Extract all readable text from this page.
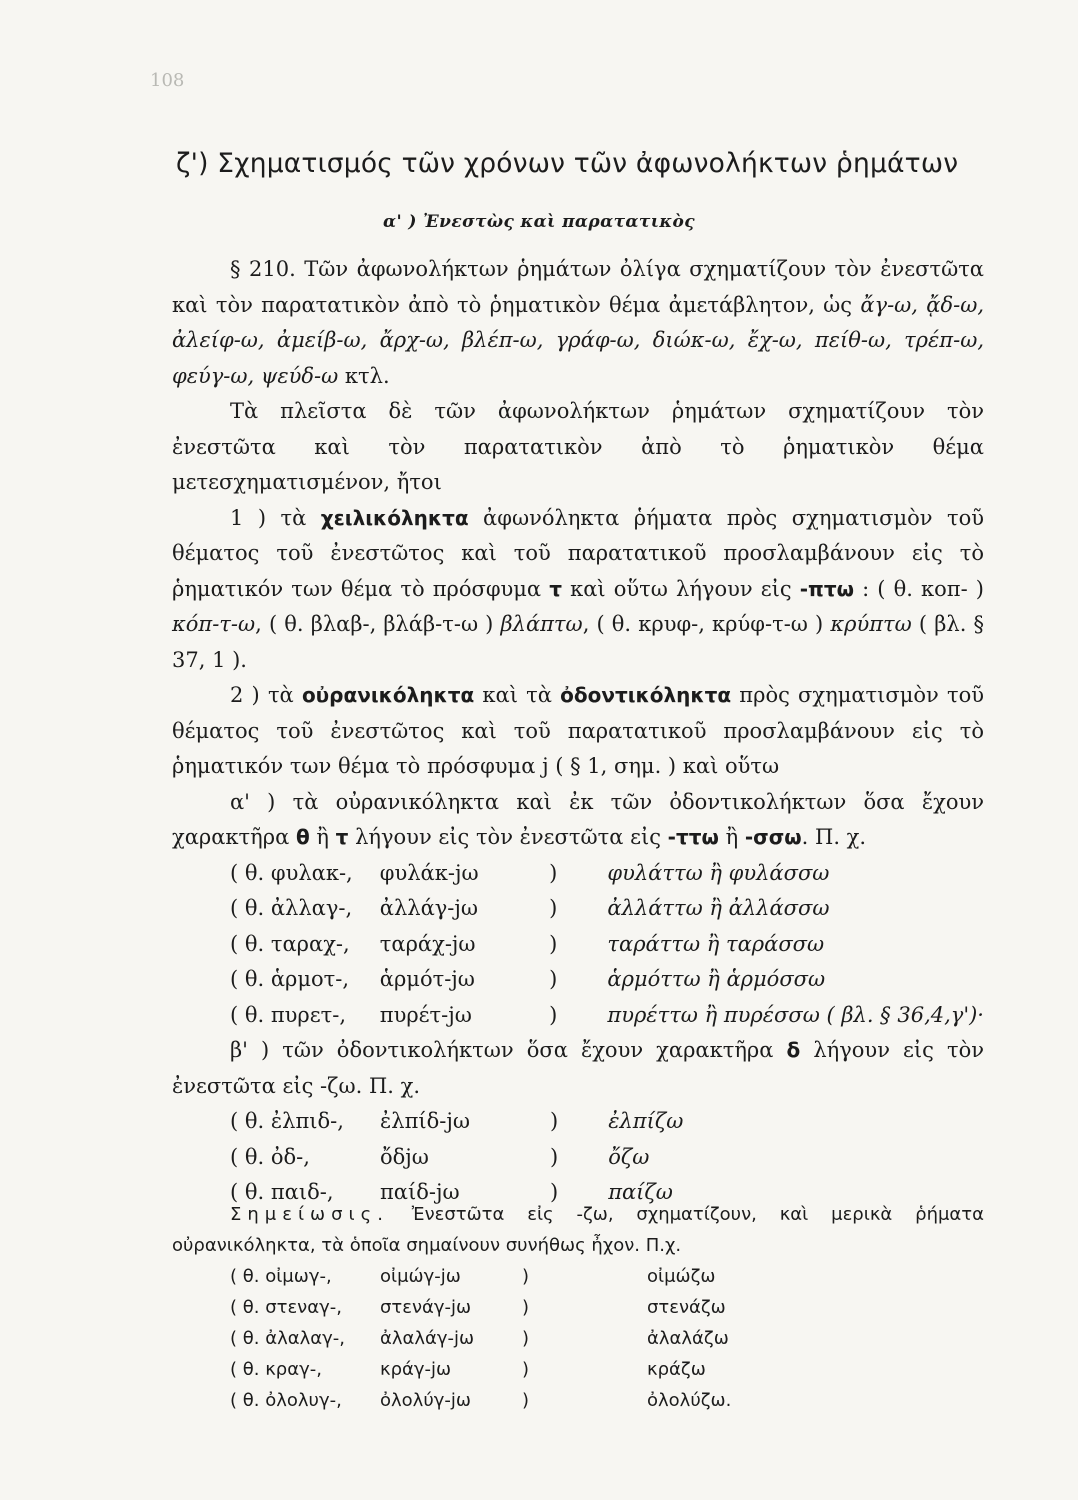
108
ζ') Σχηματισμός τῶν χρόνων τῶν ἀφωνολήκτων ῥημάτων
α' ) Ἐνεστὼς καὶ παρατατικὸς

§ 210. Τῶν ἀφωνολήκτων ῥημάτων ὀλίγα σχηματίζουν τὸν ἐνεστῶτα καὶ τὸν παρατατικὸν ἀπὸ τὸ ῥηματικὸν θέμα ἀμετάβλητον, ὡς ἄγ-ω, ᾄδ-ω, ἀλείφ-ω, ἀμείβ-ω, ἄρχ-ω, βλέπ-ω, γράφ-ω, διώκ-ω, ἔχ-ω, πείθ-ω, τρέπ-ω, φεύγ-ω, ψεύδ-ω κτλ.

Τὰ πλεῖστα δὲ τῶν ἀφωνολήκτων ῥημάτων σχηματίζουν τὸν ἐνεστῶτα καὶ τὸν παρατατικὸν ἀπὸ τὸ ῥηματικὸν θέμα μετεσχηματισμένον, ἤτοι

1 ) τὰ χειλικόληκτα ἀφωνόληκτα ῥήματα πρὸς σχηματισμὸν τοῦ θέματος τοῦ ἐνεστῶτος καὶ τοῦ παρατατικοῦ προσλαμβάνουν εἰς τὸ ῥηματικόν των θέμα τὸ πρόσφυμα τ καὶ οὕτω λήγουν εἰς -πτω : ( θ. κοπ- ) κόπ-τ-ω, ( θ. βλαβ-, βλάβ-τ-ω ) βλάπτω, ( θ. κρυφ-, κρύφ-τ-ω ) κρύπτω ( βλ. § 37, 1 ).

2 ) τὰ οὐρανικόληκτα καὶ τὰ ὀδοντικόληκτα πρὸς σχηματισμὸν τοῦ θέματος τοῦ ἐνεστῶτος καὶ τοῦ παρατατικοῦ προσλαμβάνουν εἰς τὸ ῥηματικόν των θέμα τὸ πρόσφυμα j ( § 1, σημ. ) καὶ οὕτω

α' ) τὰ οὐρανικόληκτα καὶ ἐκ τῶν ὀδοντικολήκτων ὅσα ἔχουν χαρακτῆρα θ ἢ τ λήγουν εἰς τὸν ἐνεστῶτα εἰς -ττω ἢ -σσω. Π. χ.

( θ. φυλακ-,	φυλάκ-jω	)	φυλάττω ἢ φυλάσσω
( θ. ἀλλαγ-,	ἀλλάγ-jω	)	ἀλλάττω ἢ ἀλλάσσω
( θ. ταραχ-,	ταράχ-jω	)	ταράττω ἢ ταράσσω
( θ. ἁρμοτ-,	ἁρμότ-jω	)	ἁρμόττω ἢ ἁρμόσσω
( θ. πυρετ-,	πυρέτ-jω	)	πυρέττω ἢ πυρέσσω ( βλ. § 36,4,γ')·

β' ) τῶν ὀδοντικολήκτων ὅσα ἔχουν χαρακτῆρα δ λήγουν εἰς τὸν ἐνεστῶτα εἰς -ζω. Π. χ.

( θ. ἐλπιδ-,	ἐλπίδ-jω	)	ἐλπίζω
( θ. ὀδ-,	ὄδjω	)	ὄζω
( θ. παιδ-,	παίδ-jω	)	παίζω

Σημείωσις. Ἐνεστῶτα εἰς -ζω, σχηματίζουν, καὶ μερικὰ ῥήματα οὐρανικόληκτα, τὰ ὁποῖα σημαίνουν συνήθως ἦχον. Π.χ.

( θ. οἰμωγ-,	οἰμώγ-jω	)	οἰμώζω
( θ. στεναγ-,	στενάγ-jω	)	στενάζω
( θ. ἀλαλαγ-,	ἀλαλάγ-jω	)	ἀλαλάζω
( θ. κραγ-,	κράγ-jω	)	κράζω
( θ. ὀλολυγ-,	ὀλολύγ-jω	)	ὀλολύζω.
